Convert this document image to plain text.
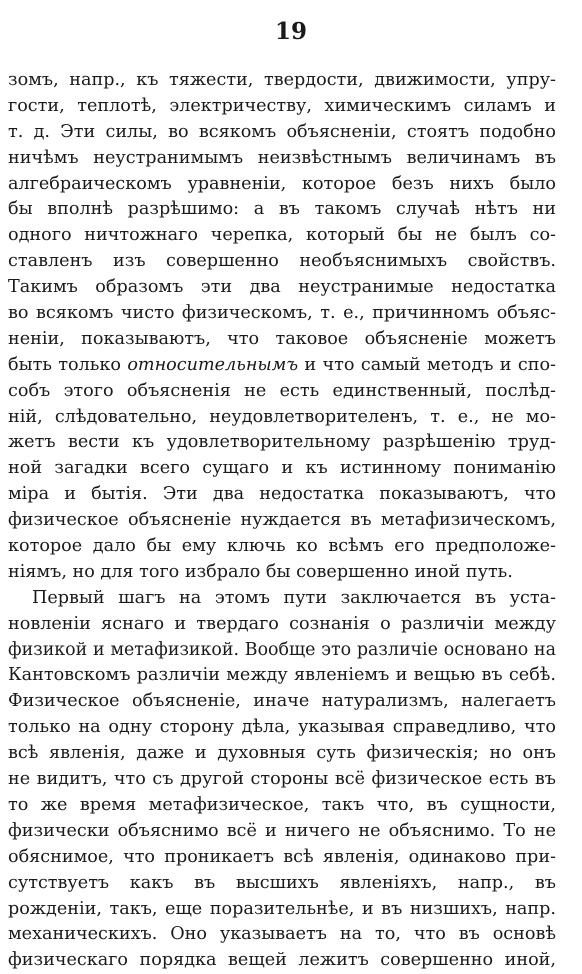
19
зомъ, напр., къ тяжести, твердости, движимости, упру-
гости, теплотѣ, электричеству, химическимъ силамъ и
т. д. Эти силы, во всякомъ объясненіи, стоятъ подобно
ничѣмъ неустранимымъ неизвѣстнымъ величинамъ въ
алгебраическомъ уравненіи, которое безъ нихъ было
бы вполнѣ разрѣшимо: а въ такомъ случаѣ нѣтъ ни
одного ничтожнаго черепка, который бы не былъ со-
ставленъ изъ совершенно необъяснимыхъ свойствъ.
Такимъ образомъ эти два неустранимые недостатка
во всякомъ чисто физическомъ, т. е., причинномъ объяс-
неніи, показываютъ, что таковое объясненіе можетъ
быть только относительнымъ и что самый методъ и спо-
собъ этого объясненія не есть единственный, послѣд-
ній, слѣдовательно, неудовлетворителенъ, т. е., не мо-
жетъ вести къ удовлетворительному разрѣшенію труд-
ной загадки всего сущаго и къ истинному пониманію
міра и бытія. Эти два недостатка показываютъ, что
физическое объясненіе нуждается въ метафизическомъ,
которое дало бы ему ключь ко всѣмъ его предположе-
ніямъ, но для того избрало бы совершенно иной путь.
Первый шагъ на этомъ пути заключается въ уста-
новленіи яснаго и твердаго сознанія о различіи между
физикой и метафизикой. Вообще это различіе основано на
Кантовскомъ различіи между явленіемъ и вещью въ себѣ.
Физическое объясненіе, иначе натурализмъ, налегаетъ
только на одну сторону дѣла, указывая справедливо, что
всѣ явленія, даже и духовныя суть физическія; но онъ
не видитъ, что съ другой стороны всё физическое есть въ
то же время метафизическое, такъ что, въ сущности,
физически объяснимо всё и ничего не объяснимо. То не
обяснимое, что проникаетъ всѣ явленія, одинаково при-
сутствуетъ какъ въ высшихъ явленіяхъ, напр., въ
рожденіи, такъ, еще поразительнѣе, и въ низшихъ, напр.
механическихъ. Оно указываетъ на то, что въ основѣ
физическаго порядка вещей лежитъ совершенно иной,
